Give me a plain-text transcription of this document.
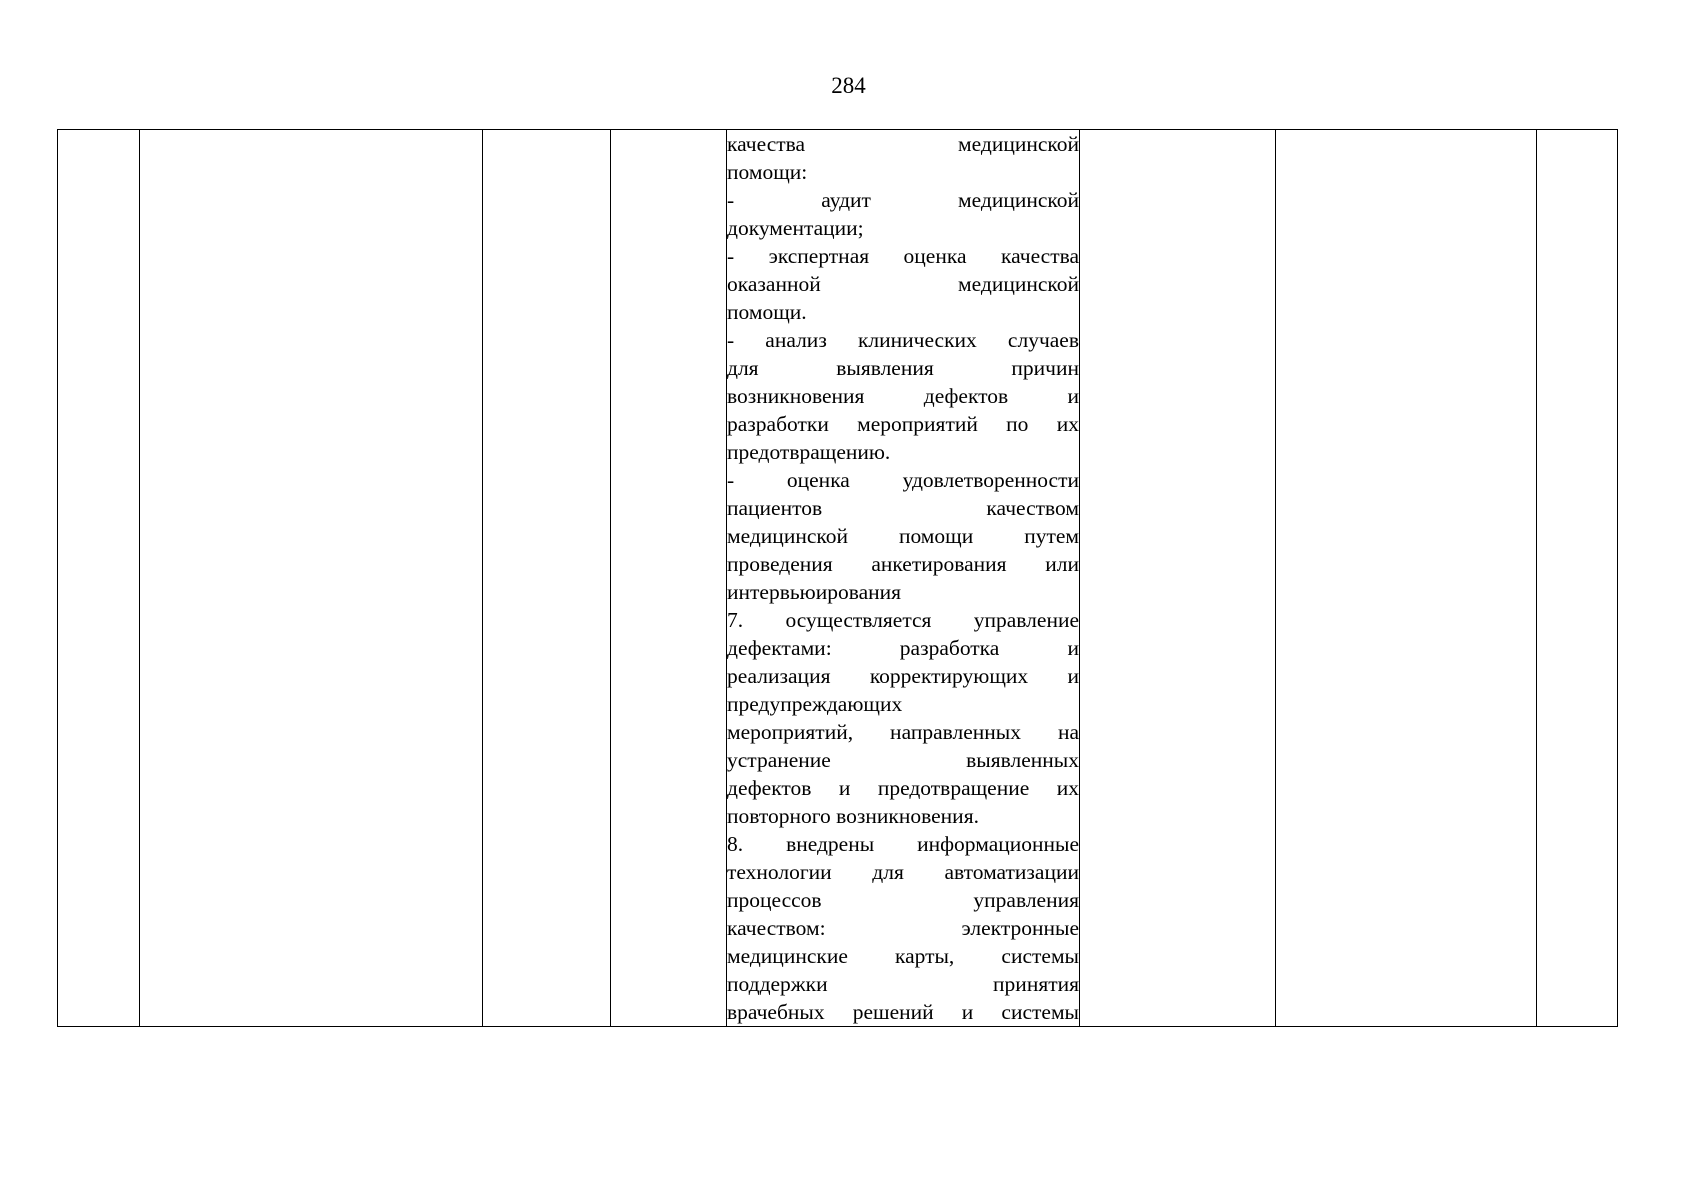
284

качества медицинской
помощи:
- аудит медицинской
документации;
- экспертная оценка качества
оказанной медицинской
помощи.
- анализ клинических случаев
для выявления причин
возникновения дефектов и
разработки мероприятий по их
предотвращению.
- оценка удовлетворенности
пациентов качеством
медицинской помощи путем
проведения анкетирования или
интервьюирования
7. осуществляется управление
дефектами: разработка и
реализация корректирующих и
предупреждающих
мероприятий, направленных на
устранение выявленных
дефектов и предотвращение их
повторного возникновения.
8. внедрены информационные
технологии для автоматизации
процессов управления
качеством: электронные
медицинские карты, системы
поддержки принятия
врачебных решений и системы
